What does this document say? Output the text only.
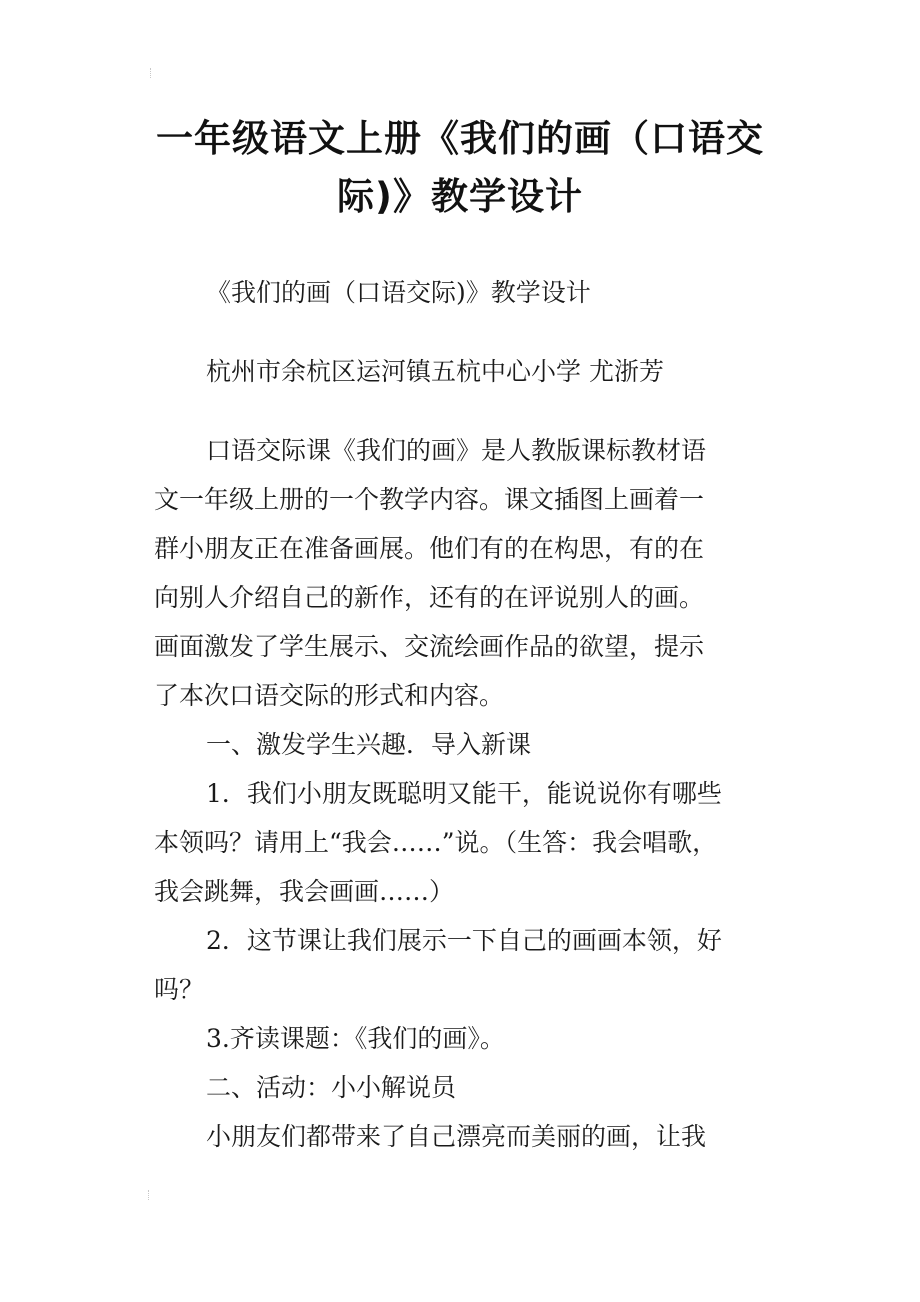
一年级语文上册《我们的画（口语交
际)》教学设计

《我们的画（口语交际)》教学设计

杭州市余杭区运河镇五杭中心小学 尤浙芳

口语交际课《我们的画》是人教版课标教材语

文一年级上册的一个教学内容。课文插图上画着一

群小朋友正在准备画展。他们有的在构思，有的在

向别人介绍自己的新作，还有的在评说别人的画。

画面激发了学生展示、交流绘画作品的欲望，提示

了本次口语交际的形式和内容。

一、激发学生兴趣．导入新课

1．我们小朋友既聪明又能干，能说说你有哪些

本领吗？请用上“我会……”说。（生答：我会唱歌，

我会跳舞，我会画画……）

2．这节课让我们展示一下自己的画画本领，好

吗？

3.齐读课题：《我们的画》。

二、活动：小小解说员

小朋友们都带来了自己漂亮而美丽的画，让我
